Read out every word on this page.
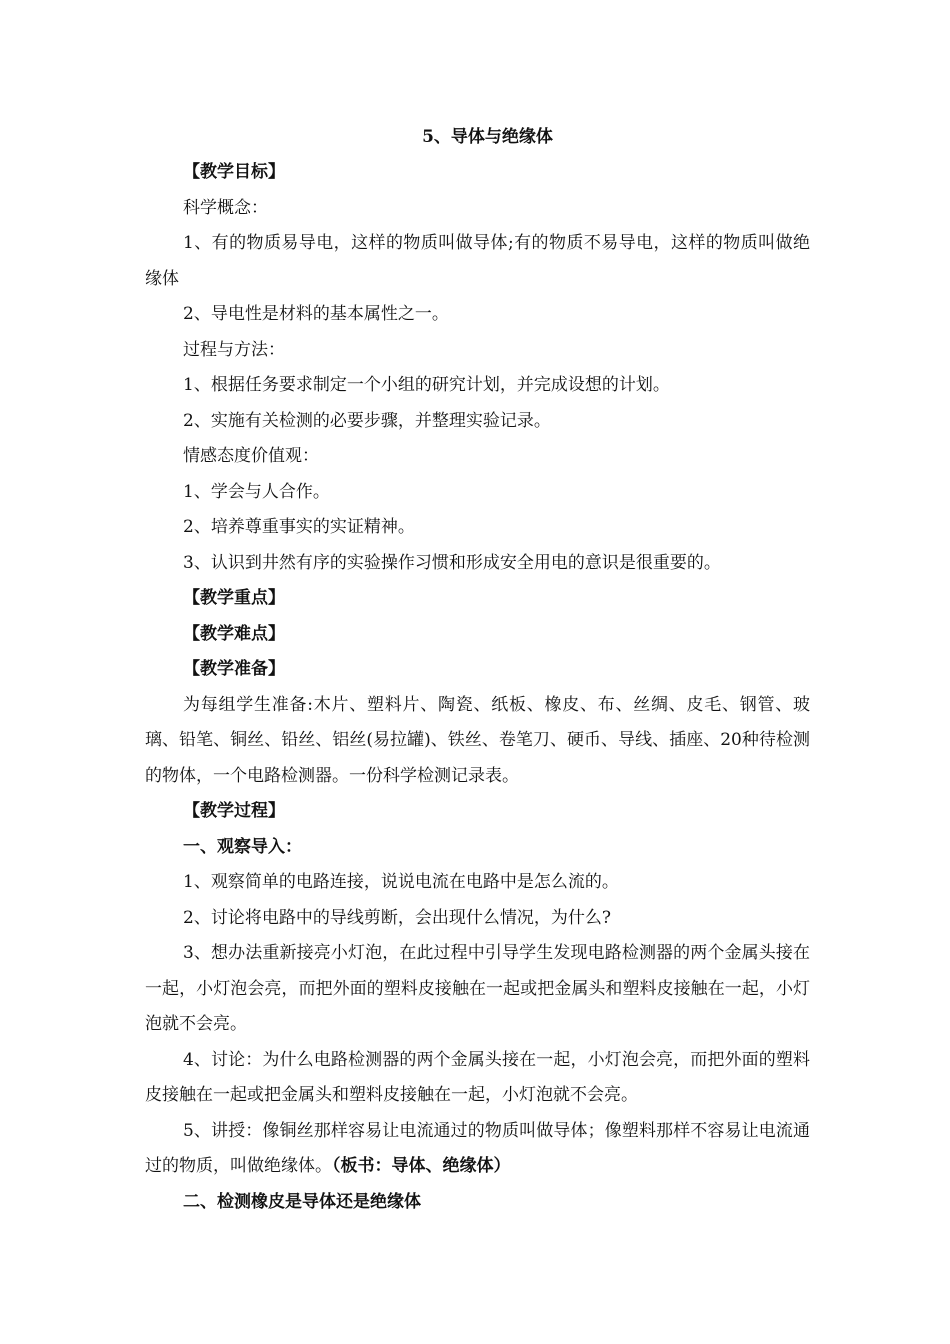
5、导体与绝缘体

【教学目标】

科学概念：

1、有的物质易导电，这样的物质叫做导体;有的物质不易导电，这样的物质叫做绝缘体

2、导电性是材料的基本属性之一。

过程与方法：

1、根据任务要求制定一个小组的研究计划，并完成设想的计划。

2、实施有关检测的必要步骤，并整理实验记录。

情感态度价值观：

1、学会与人合作。

2、培养尊重事实的实证精神。

3、认识到井然有序的实验操作习惯和形成安全用电的意识是很重要的。

【教学重点】

【教学难点】

【教学准备】

为每组学生准备:木片、塑料片、陶瓷、纸板、橡皮、布、丝绸、皮毛、钢管、玻璃、铅笔、铜丝、铅丝、铝丝(易拉罐)、铁丝、卷笔刀、硬币、导线、插座、20种待检测的物体，一个电路检测器。一份科学检测记录表。

【教学过程】

一、观察导入：

1、观察简单的电路连接，说说电流在电路中是怎么流的。

2、讨论将电路中的导线剪断，会出现什么情况，为什么?

3、想办法重新接亮小灯泡，在此过程中引导学生发现电路检测器的两个金属头接在一起，小灯泡会亮，而把外面的塑料皮接触在一起或把金属头和塑料皮接触在一起，小灯泡就不会亮。

4、讨论：为什么电路检测器的两个金属头接在一起，小灯泡会亮，而把外面的塑料皮接触在一起或把金属头和塑料皮接触在一起，小灯泡就不会亮。

5、讲授：像铜丝那样容易让电流通过的物质叫做导体；像塑料那样不容易让电流通过的物质，叫做绝缘体。（板书：导体、绝缘体）

二、检测橡皮是导体还是绝缘体
